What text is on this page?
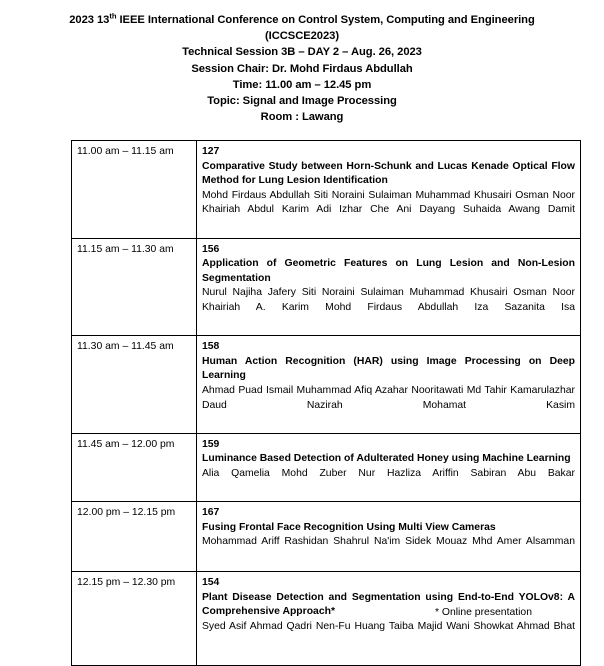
2023 13th IEEE International Conference on Control System, Computing and Engineering
(ICCSCE2023)
Technical Session 3B – DAY 2 – Aug. 26, 2023
Session Chair: Dr. Mohd Firdaus Abdullah
Time: 11.00 am – 12.45 pm
Topic: Signal and Image Processing
Room : Lawang
11.00 am – 11.15 am	127
Comparative Study between Horn-Schunk and Lucas Kenade Optical Flow Method for Lung Lesion Identification
Mohd Firdaus Abdullah Siti Noraini Sulaiman Muhammad Khusairi Osman Noor Khairiah Abdul Karim Adi Izhar Che Ani Dayang Suhaida Awang Damit

11.15 am – 11.30 am	156
Application of Geometric Features on Lung Lesion and Non-Lesion Segmentation
Nurul Najiha Jafery Siti Noraini Sulaiman Muhammad Khusairi Osman Noor Khairiah A. Karim Mohd Firdaus Abdullah Iza Sazanita Isa

11.30 am – 11.45 am	158
Human Action Recognition (HAR) using Image Processing on Deep Learning
Ahmad Puad Ismail Muhammad Afiq Azahar Nooritawati Md Tahir Kamarulazhar Daud Nazirah Mohamat Kasim

11.45 am – 12.00 pm	159
Luminance Based Detection of Adulterated Honey using Machine Learning
Alia Qamelia Mohd Zuber Nur Hazliza Ariffin Sabiran Abu Bakar

12.00 pm – 12.15 pm	167
Fusing Frontal Face Recognition Using Multi View Cameras
Mohammad Ariff Rashidan Shahrul Na'im Sidek Mouaz Mhd Amer Alsamman

12.15 pm – 12.30 pm	154
Plant Disease Detection and Segmentation using End-to-End YOLOv8: A Comprehensive Approach*
Syed Asif Ahmad Qadri Nen-Fu Huang Taiba Majid Wani Showkat Ahmad Bhat
* Online presentation
